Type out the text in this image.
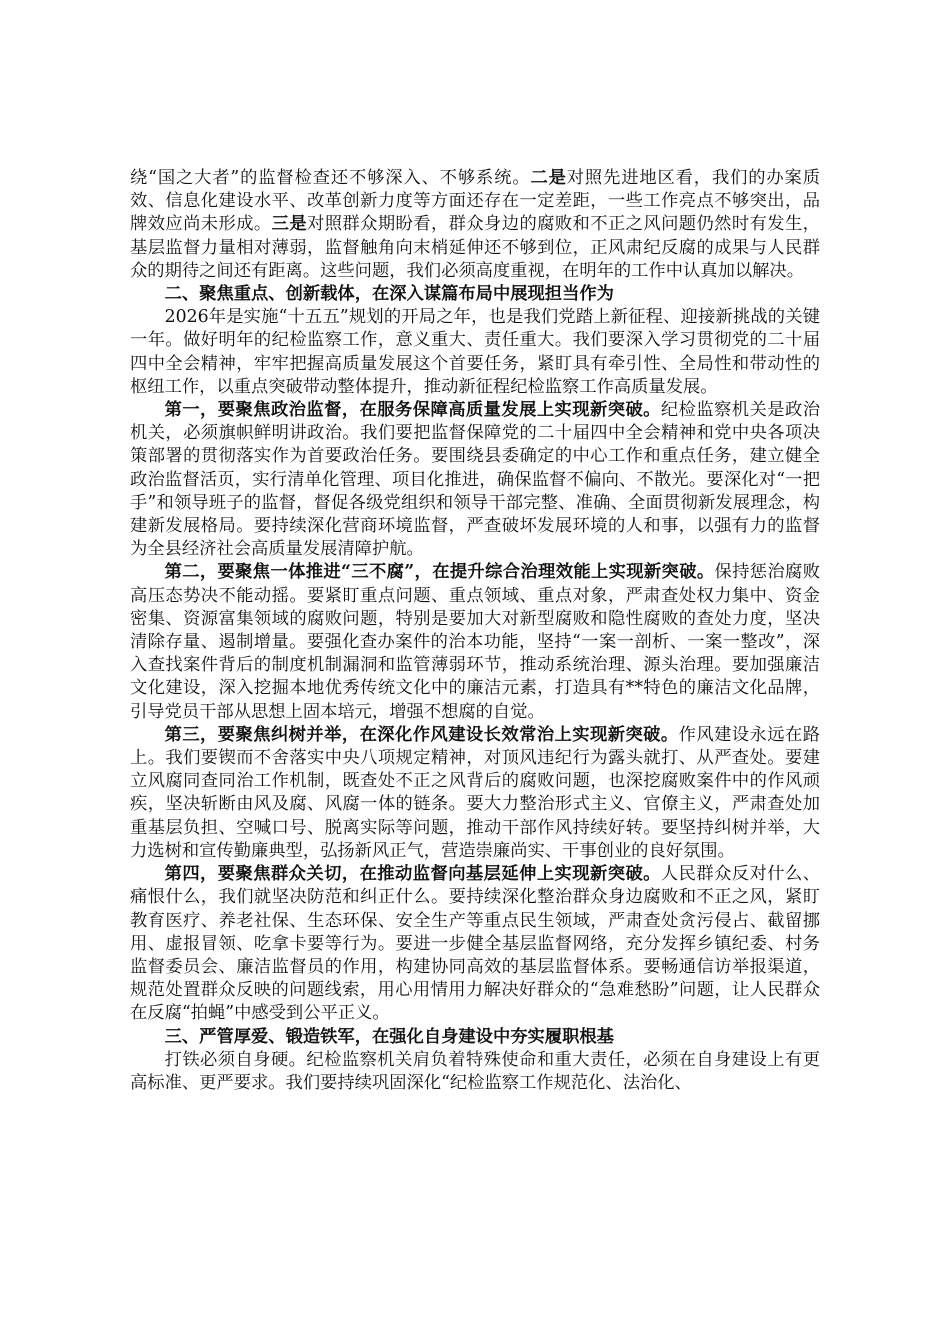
绕“国之大者”的监督检查还不够深入、不够系统。二是对照先进地区看，我们的办案质效、信息化建设水平、改革创新力度等方面还存在一定差距，一些工作亮点不够突出，品牌效应尚未形成。三是对照群众期盼看，群众身边的腐败和不正之风问题仍然时有发生，基层监督力量相对薄弱，监督触角向末梢延伸还不够到位，正风肃纪反腐的成果与人民群众的期待之间还有距离。这些问题，我们必须高度重视，在明年的工作中认真加以解决。

二、聚焦重点、创新载体，在深入谋篇布局中展现担当作为

2026年是实施“十五五”规划的开局之年，也是我们党踏上新征程、迎接新挑战的关键一年。做好明年的纪检监察工作，意义重大、责任重大。我们要深入学习贯彻党的二十届四中全会精神，牢牢把握高质量发展这个首要任务，紧盯具有牵引性、全局性和带动性的枢纽工作，以重点突破带动整体提升，推动新征程纪检监察工作高质量发展。

第一，要聚焦政治监督，在服务保障高质量发展上实现新突破。纪检监察机关是政治机关，必须旗帜鲜明讲政治。我们要把监督保障党的二十届四中全会精神和党中央各项决策部署的贯彻落实作为首要政治任务。要围绕县委确定的中心工作和重点任务，建立健全政治监督活页，实行清单化管理、项目化推进，确保监督不偏向、不散光。要深化对“一把手”和领导班子的监督，督促各级党组织和领导干部完整、准确、全面贯彻新发展理念，构建新发展格局。要持续深化营商环境监督，严查破坏发展环境的人和事，以强有力的监督为全县经济社会高质量发展清障护航。

第二，要聚焦一体推进“三不腐”，在提升综合治理效能上实现新突破。保持惩治腐败高压态势决不能动摇。要紧盯重点问题、重点领域、重点对象，严肃查处权力集中、资金密集、资源富集领域的腐败问题，特别是要加大对新型腐败和隐性腐败的查处力度，坚决清除存量、遏制增量。要强化查办案件的治本功能，坚持“一案一剖析、一案一整改”，深入查找案件背后的制度机制漏洞和监管薄弱环节，推动系统治理、源头治理。要加强廉洁文化建设，深入挖掘本地优秀传统文化中的廉洁元素，打造具有**特色的廉洁文化品牌，引导党员干部从思想上固本培元，增强不想腐的自觉。

第三，要聚焦纠树并举，在深化作风建设长效常治上实现新突破。作风建设永远在路上。我们要锲而不舍落实中央八项规定精神，对顶风违纪行为露头就打、从严查处。要建立风腐同查同治工作机制，既查处不正之风背后的腐败问题，也深挖腐败案件中的作风顽疾，坚决斩断由风及腐、风腐一体的链条。要大力整治形式主义、官僚主义，严肃查处加重基层负担、空喊口号、脱离实际等问题，推动干部作风持续好转。要坚持纠树并举，大力选树和宣传勤廉典型，弘扬新风正气，营造崇廉尚实、干事创业的良好氛围。

第四，要聚焦群众关切，在推动监督向基层延伸上实现新突破。人民群众反对什么、痛恨什么，我们就坚决防范和纠正什么。要持续深化整治群众身边腐败和不正之风，紧盯教育医疗、养老社保、生态环保、安全生产等重点民生领域，严肃查处贪污侵占、截留挪用、虚报冒领、吃拿卡要等行为。要进一步健全基层监督网络，充分发挥乡镇纪委、村务监督委员会、廉洁监督员的作用，构建协同高效的基层监督体系。要畅通信访举报渠道，规范处置群众反映的问题线索，用心用情用力解决好群众的“急难愁盼”问题，让人民群众在反腐“拍蝇”中感受到公平正义。

三、严管厚爱、锻造铁军，在强化自身建设中夯实履职根基

打铁必须自身硬。纪检监察机关肩负着特殊使命和重大责任，必须在自身建设上有更高标准、更严要求。我们要持续巩固深化“纪检监察工作规范化、法治化、
